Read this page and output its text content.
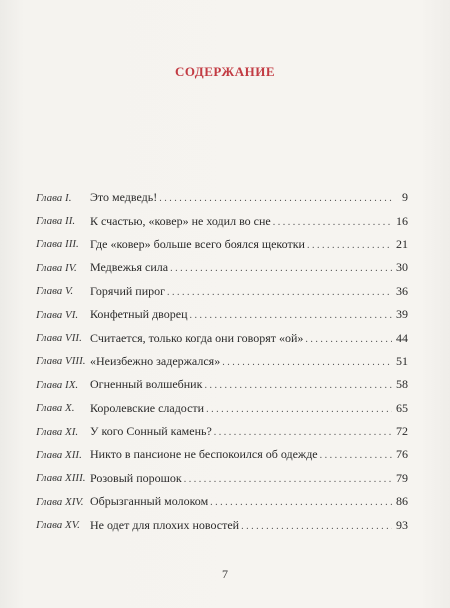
СОДЕРЖАНИЕ
Глава I.	Это медведь! . . .	9
Глава II.	К счастью, «ковер» не ходил во сне . . .	16
Глава III. Где «ковер» больше всего боялся щекотки . . .	21
Глава IV.	Медвежья сила . . .	30
Глава V.	Горячий пирог . . .	36
Глава VI. Конфетный дворец . . .	39
Глава VII. Считается, только когда они говорят «ой» . . .	44
Глава VIII. «Неизбежно задержался» . . .	51
Глава IX. Огненный волшебник . . .	58
Глава X.	Королевские сладости . . .	65
Глава XI. У кого Сонный камень? . . .	72
Глава XII. Никто в пансионе не беспокоился об одежде . . .	76
Глава XIII. Розовый порошок . . .	79
Глава XIV. Обрызганный молоком . . .	86
Глава XV. Не одет для плохих новостей . . .	93
7
